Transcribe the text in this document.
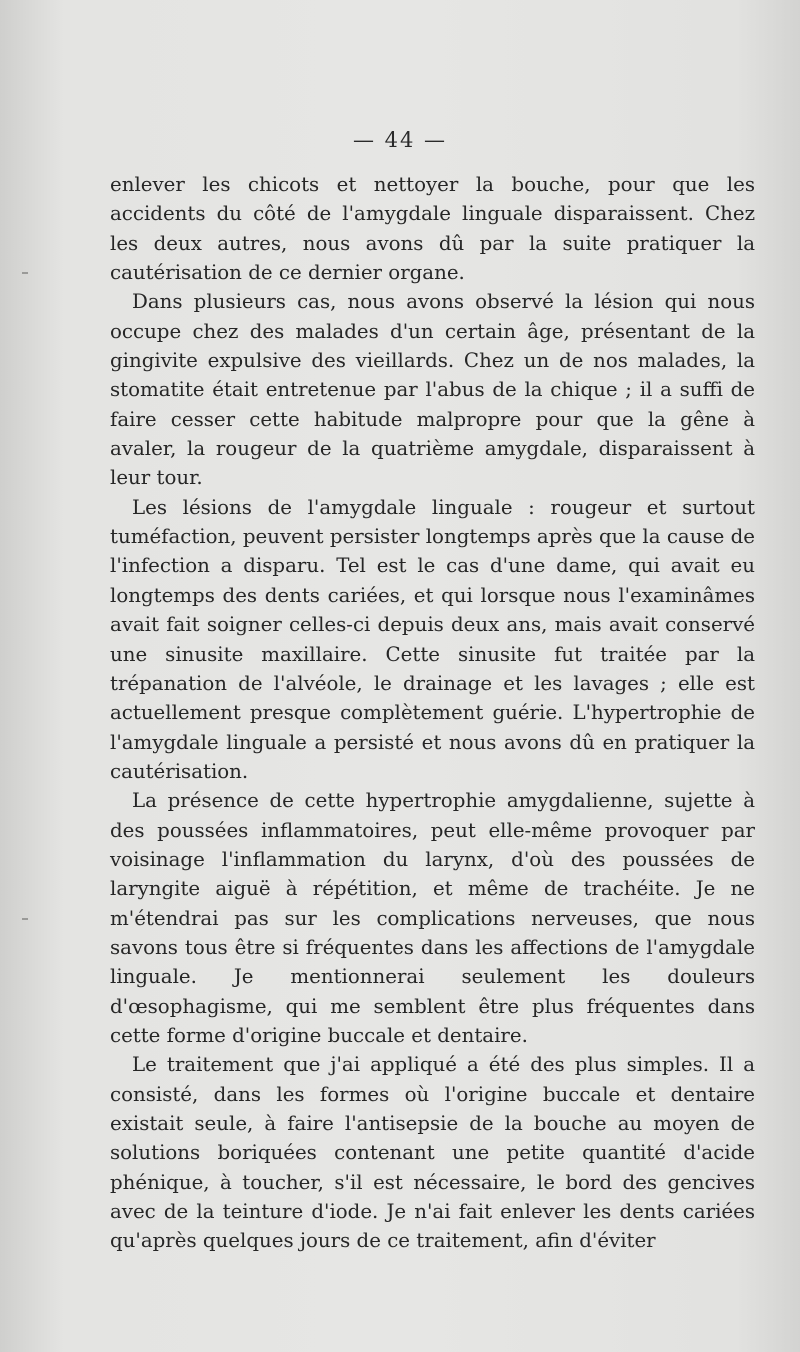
— 44 —

enlever les chicots et nettoyer la bouche, pour que les accidents du côté de l'amygdale linguale disparaissent. Chez les deux autres, nous avons dû par la suite pratiquer la cautérisation de ce dernier organe.

Dans plusieurs cas, nous avons observé la lésion qui nous occupe chez des malades d'un certain âge, présentant de la gingivite expulsive des vieillards. Chez un de nos malades, la stomatite était entretenue par l'abus de la chique ; il a suffi de faire cesser cette habitude malpropre pour que la gêne à avaler, la rougeur de la quatrième amygdale, disparaissent à leur tour.

Les lésions de l'amygdale linguale : rougeur et surtout tuméfaction, peuvent persister longtemps après que la cause de l'infection a disparu. Tel est le cas d'une dame, qui avait eu longtemps des dents cariées, et qui lorsque nous l'examinâmes avait fait soigner celles-ci depuis deux ans, mais avait conservé une sinusite maxillaire. Cette sinusite fut traitée par la trépanation de l'alvéole, le drainage et les lavages ; elle est actuellement presque complètement guérie. L'hypertrophie de l'amygdale linguale a persisté et nous avons dû en pratiquer la cautérisation.

La présence de cette hypertrophie amygdalienne, sujette à des poussées inflammatoires, peut elle-même provoquer par voisinage l'inflammation du larynx, d'où des poussées de laryngite aiguë à répétition, et même de trachéite. Je ne m'étendrai pas sur les complications nerveuses, que nous savons tous être si fréquentes dans les affections de l'amygdale linguale. Je mentionnerai seulement les douleurs d'œsophagisme, qui me semblent être plus fréquentes dans cette forme d'origine buccale et dentaire.

Le traitement que j'ai appliqué a été des plus simples. Il a consisté, dans les formes où l'origine buccale et dentaire existait seule, à faire l'antisepsie de la bouche au moyen de solutions boriquées contenant une petite quantité d'acide phénique, à toucher, s'il est nécessaire, le bord des gencives avec de la teinture d'iode. Je n'ai fait enlever les dents cariées qu'après quelques jours de ce traitement, afin d'éviter
